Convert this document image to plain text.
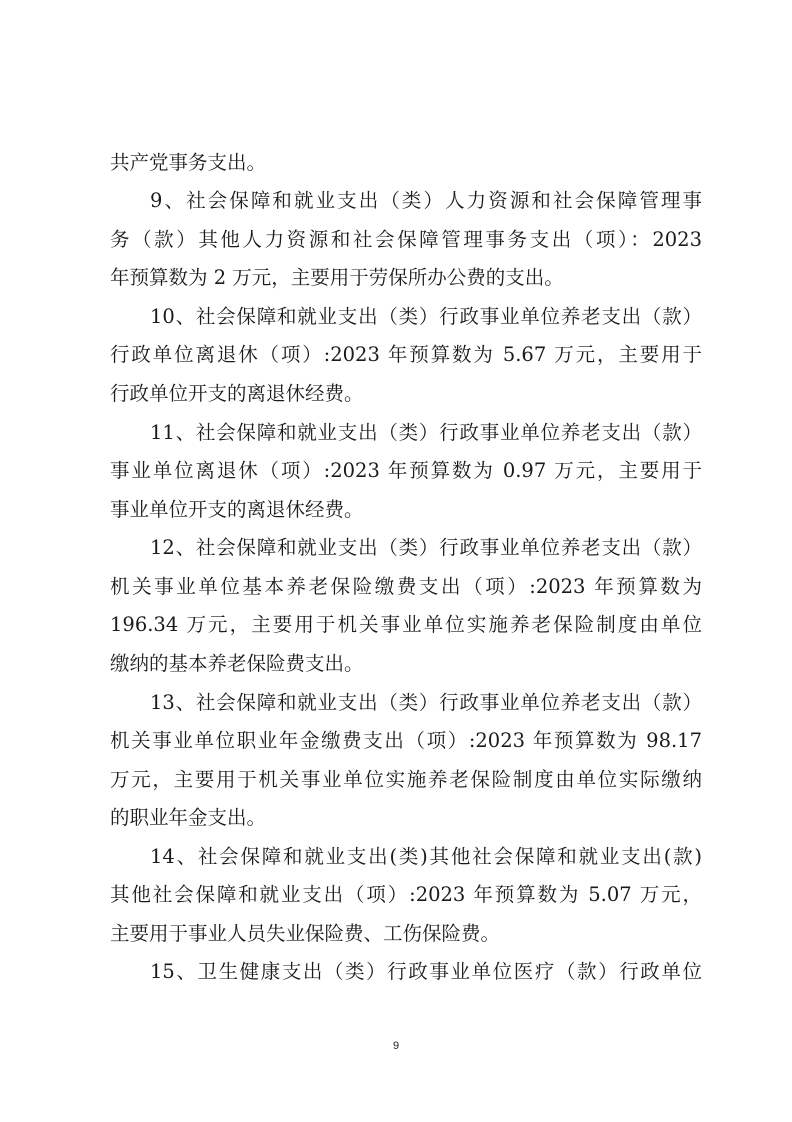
共产党事务支出。
9、社会保障和就业支出（类）人力资源和社会保障管理事
务（款）其他人力资源和社会保障管理事务支出（项）：2023
年预算数为 2 万元，主要用于劳保所办公费的支出。
10、社会保障和就业支出（类）行政事业单位养老支出（款）
行政单位离退休（项）:2023 年预算数为 5.67 万元，主要用于
行政单位开支的离退休经费。
11、社会保障和就业支出（类）行政事业单位养老支出（款）
事业单位离退休（项）:2023 年预算数为 0.97 万元，主要用于
事业单位开支的离退休经费。
12、社会保障和就业支出（类）行政事业单位养老支出（款）
机关事业单位基本养老保险缴费支出（项）:2023 年预算数为
196.34 万元，主要用于机关事业单位实施养老保险制度由单位
缴纳的基本养老保险费支出。
13、社会保障和就业支出（类）行政事业单位养老支出（款）
机关事业单位职业年金缴费支出（项）:2023 年预算数为 98.17
万元，主要用于机关事业单位实施养老保险制度由单位实际缴纳
的职业年金支出。
14、社会保障和就业支出(类)其他社会保障和就业支出(款)
其他社会保障和就业支出（项）:2023 年预算数为 5.07 万元，
主要用于事业人员失业保险费、工伤保险费。
15、卫生健康支出（类）行政事业单位医疗（款）行政单位
9
